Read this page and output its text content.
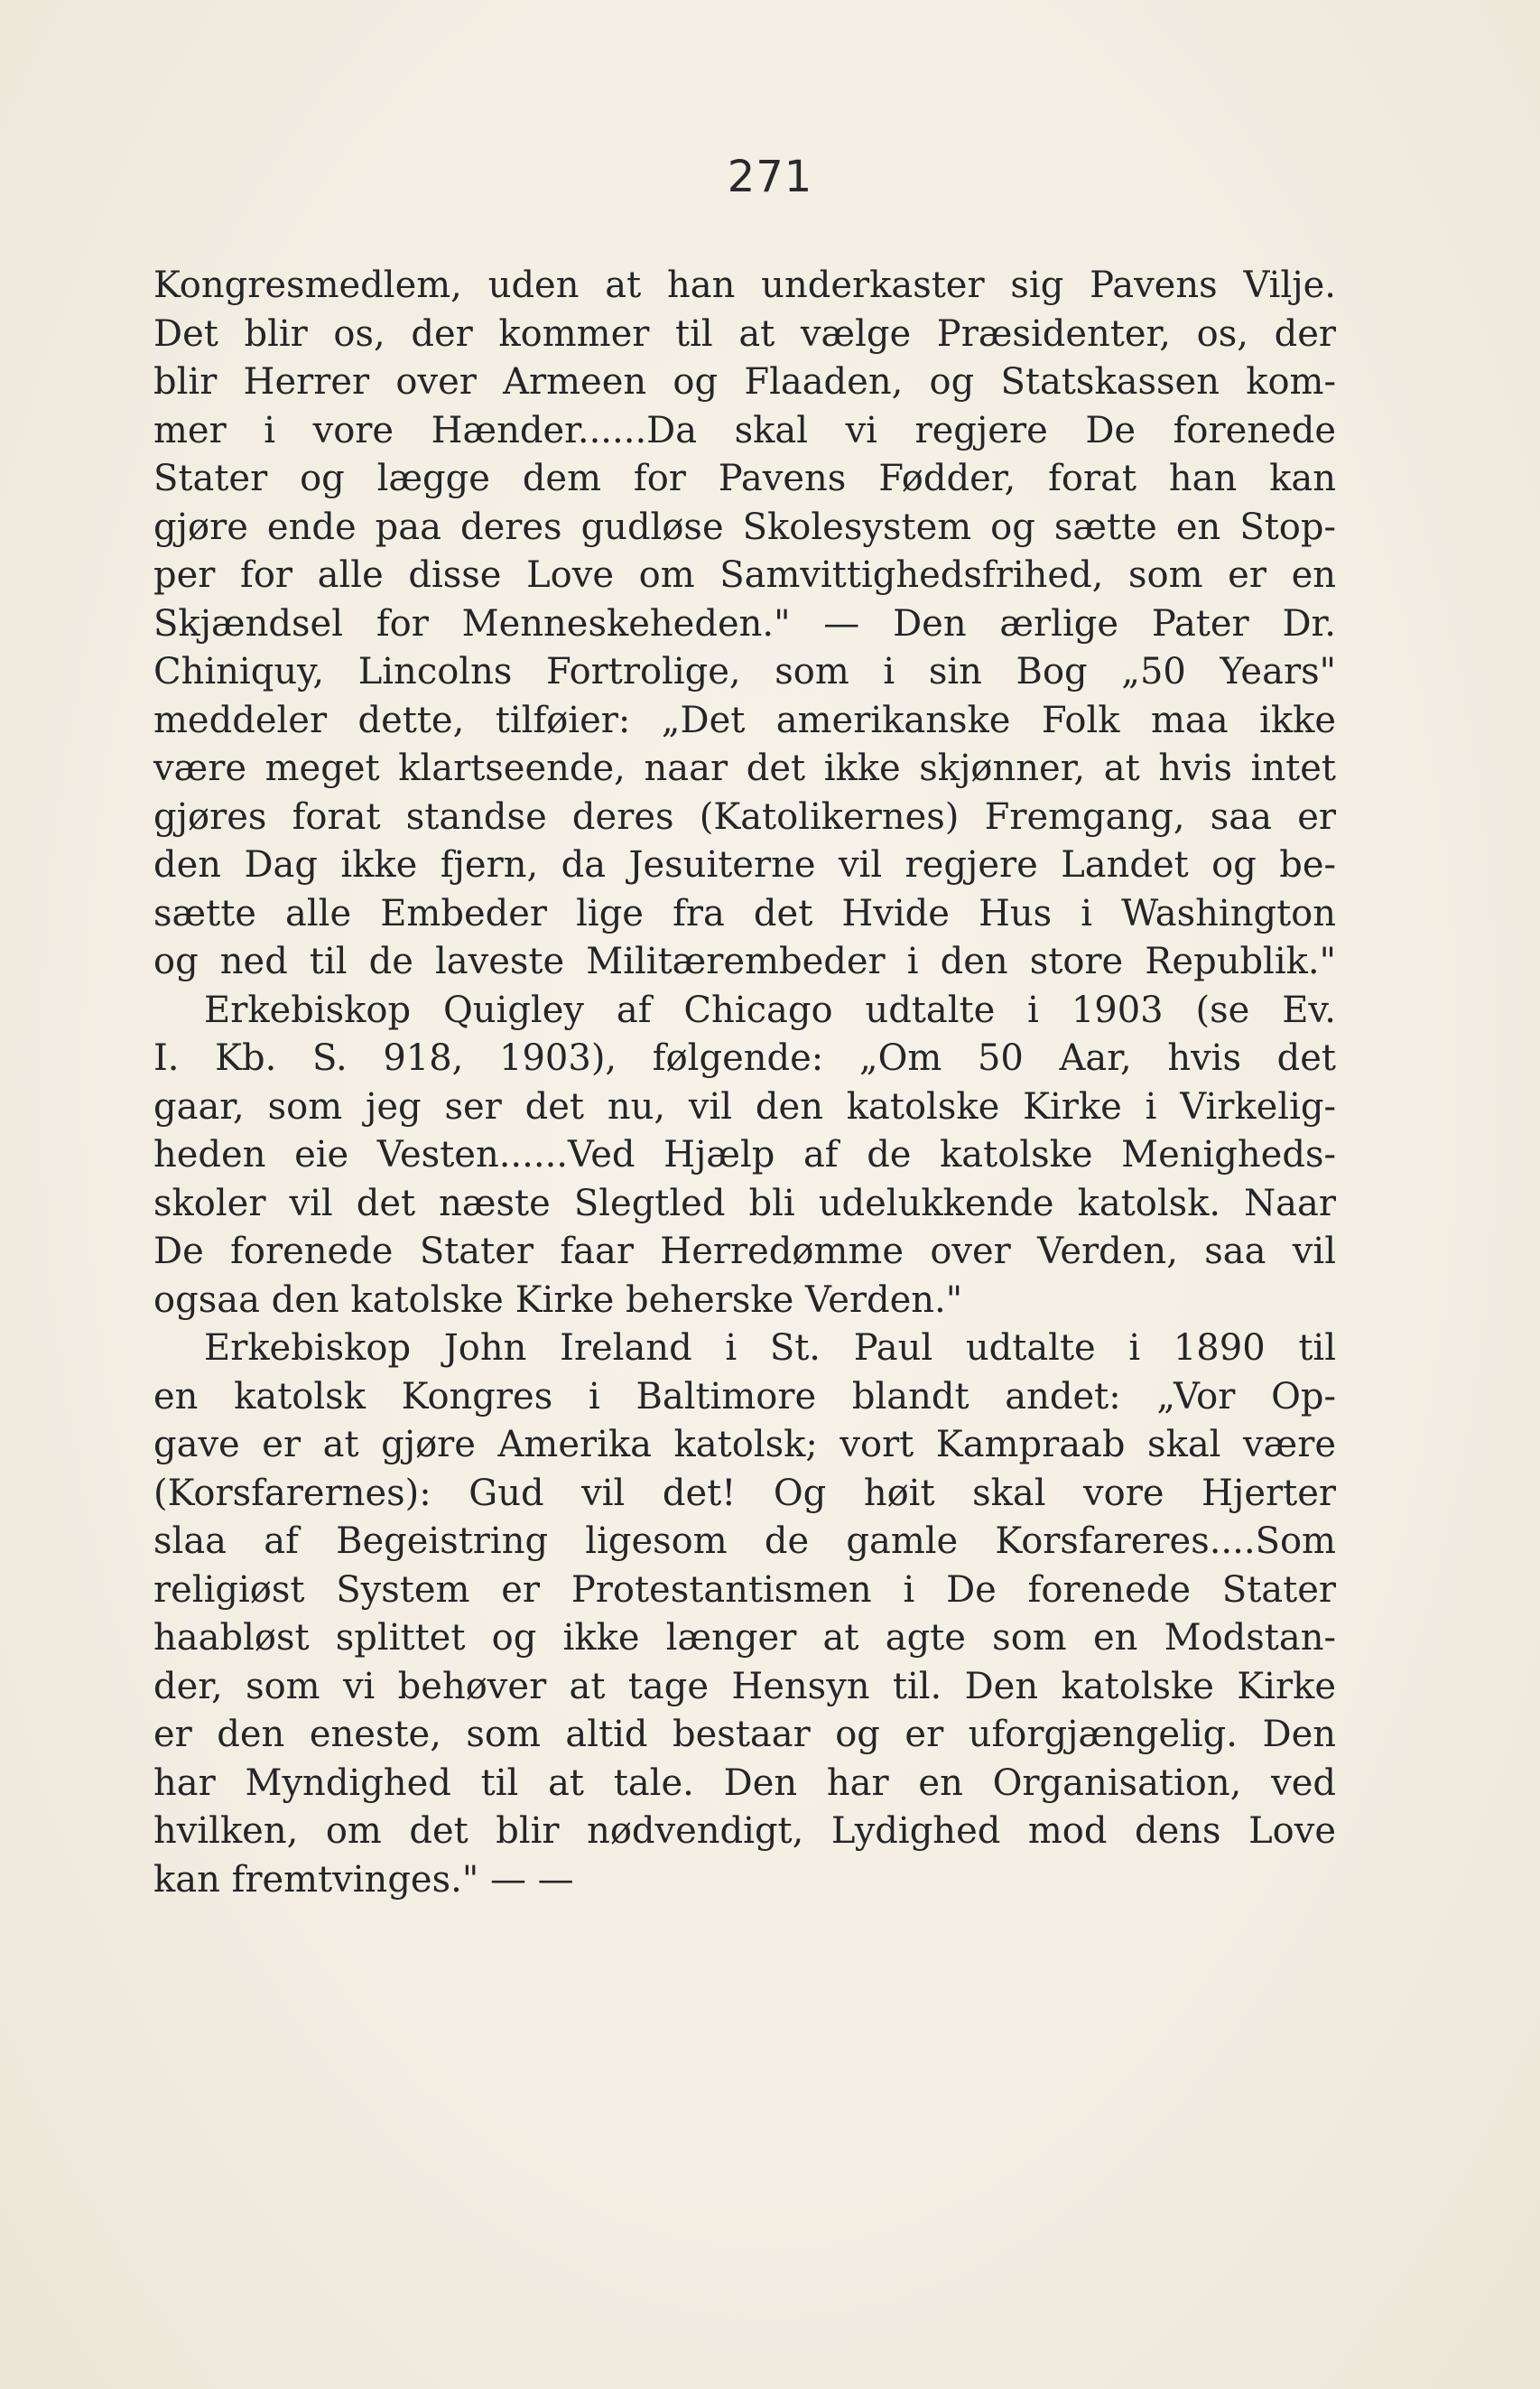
271
Kongresmedlem, uden at han underkaster sig Pavens Vilje.
Det blir os, der kommer til at vælge Præsidenter, os, der
blir Herrer over Armeen og Flaaden, og Statskassen kom-
mer i vore Hænder......Da skal vi regjere De forenede
Stater og lægge dem for Pavens Fødder, forat han kan
gjøre ende paa deres gudløse Skolesystem og sætte en Stop-
per for alle disse Love om Samvittighedsfrihed, som er en
Skjændsel for Menneskeheden." — Den ærlige Pater Dr.
Chiniquy, Lincolns Fortrolige, som i sin Bog „50 Years"
meddeler dette, tilføier: „Det amerikanske Folk maa ikke
være meget klartseende, naar det ikke skjønner, at hvis intet
gjøres forat standse deres (Katolikernes) Fremgang, saa er
den Dag ikke fjern, da Jesuiterne vil regjere Landet og be-
sætte alle Embeder lige fra det Hvide Hus i Washington
og ned til de laveste Militærembeder i den store Republik."
Erkebiskop Quigley af Chicago udtalte i 1903 (se Ev.
I. Kb. S. 918, 1903), følgende: „Om 50 Aar, hvis det
gaar, som jeg ser det nu, vil den katolske Kirke i Virkelig-
heden eie Vesten......Ved Hjælp af de katolske Menigheds-
skoler vil det næste Slegtled bli udelukkende katolsk. Naar
De forenede Stater faar Herredømme over Verden, saa vil
ogsaa den katolske Kirke beherske Verden."
Erkebiskop John Ireland i St. Paul udtalte i 1890 til
en katolsk Kongres i Baltimore blandt andet: „Vor Op-
gave er at gjøre Amerika katolsk; vort Kampraab skal være
(Korsfarernes): Gud vil det! Og høit skal vore Hjerter
slaa af Begeistring ligesom de gamle Korsfareres....Som
religiøst System er Protestantismen i De forenede Stater
haabløst splittet og ikke længer at agte som en Modstan-
der, som vi behøver at tage Hensyn til. Den katolske Kirke
er den eneste, som altid bestaar og er uforgjængelig. Den
har Myndighed til at tale. Den har en Organisation, ved
hvilken, om det blir nødvendigt, Lydighed mod dens Love
kan fremtvinges." — —
